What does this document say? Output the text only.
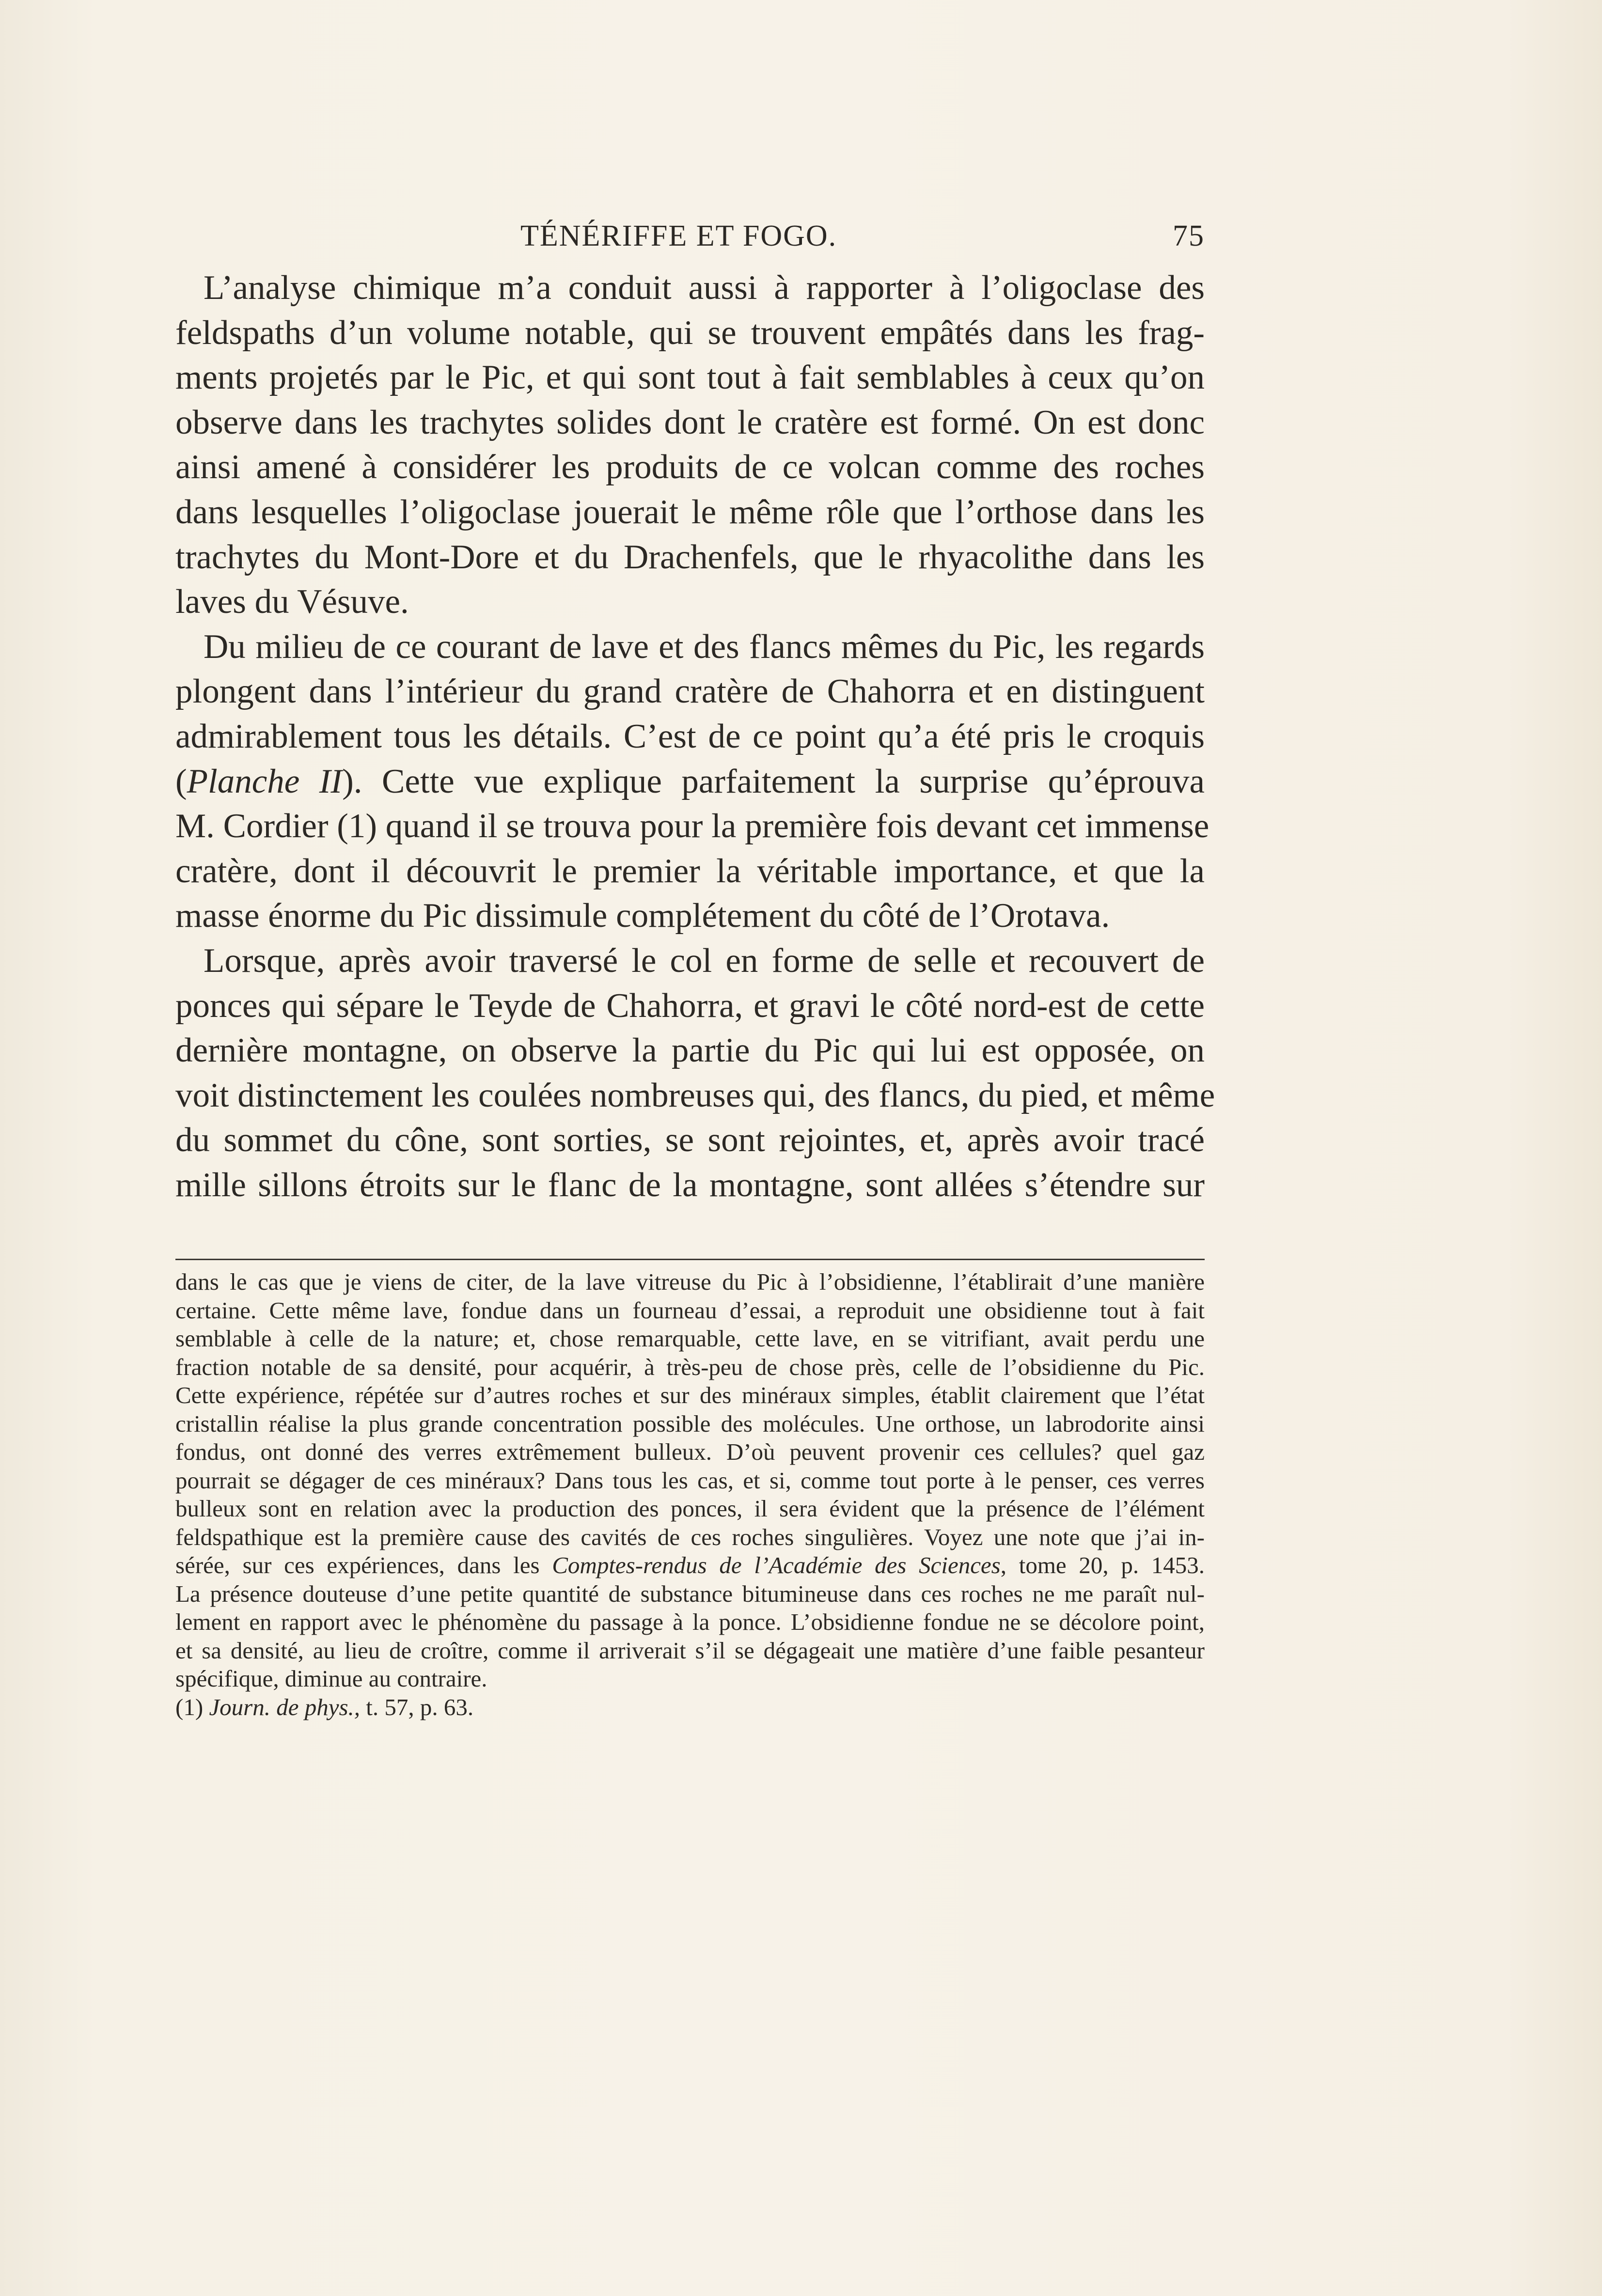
TÉNÉRIFFE ET FOGO.	75
L’analyse chimique m’a conduit aussi à rapporter à l’oligoclase des
feldspaths d’un volume notable, qui se trouvent empâtés dans les frag-
ments projetés par le Pic, et qui sont tout à fait semblables à ceux qu’on
observe dans les trachytes solides dont le cratère est formé. On est donc
ainsi amené à considérer les produits de ce volcan comme des roches
dans lesquelles l’oligoclase jouerait le même rôle que l’orthose dans les
trachytes du Mont-Dore et du Drachenfels, que le rhyacolithe dans les
laves du Vésuve.
Du milieu de ce courant de lave et des flancs mêmes du Pic, les regards
plongent dans l’intérieur du grand cratère de Chahorra et en distinguent
admirablement tous les détails. C’est de ce point qu’a été pris le croquis
(Planche II). Cette vue explique parfaitement la surprise qu’éprouva
M. Cordier (1) quand il se trouva pour la première fois devant cet immense
cratère, dont il découvrit le premier la véritable importance, et que la
masse énorme du Pic dissimule complétement du côté de l’Orotava.
Lorsque, après avoir traversé le col en forme de selle et recouvert de
ponces qui sépare le Teyde de Chahorra, et gravi le côté nord-est de cette
dernière montagne, on observe la partie du Pic qui lui est opposée, on
voit distinctement les coulées nombreuses qui, des flancs, du pied, et même
du sommet du cône, sont sorties, se sont rejointes, et, après avoir tracé
mille sillons étroits sur le flanc de la montagne, sont allées s’étendre sur
dans le cas que je viens de citer, de la lave vitreuse du Pic à l’obsidienne, l’établirait d’une manière
certaine. Cette même lave, fondue dans un fourneau d’essai, a reproduit une obsidienne tout à fait
semblable à celle de la nature; et, chose remarquable, cette lave, en se vitrifiant, avait perdu une
fraction notable de sa densité, pour acquérir, à très-peu de chose près, celle de l’obsidienne du Pic.
Cette expérience, répétée sur d’autres roches et sur des minéraux simples, établit clairement que l’état
cristallin réalise la plus grande concentration possible des molécules. Une orthose, un labrodorite ainsi
fondus, ont donné des verres extrêmement bulleux. D’où peuvent provenir ces cellules? quel gaz
pourrait se dégager de ces minéraux? Dans tous les cas, et si, comme tout porte à le penser, ces verres
bulleux sont en relation avec la production des ponces, il sera évident que la présence de l’élément
feldspathique est la première cause des cavités de ces roches singulières. Voyez une note que j’ai in-
sérée, sur ces expériences, dans les Comptes-rendus de l’Académie des Sciences, tome 20, p. 1453.
La présence douteuse d’une petite quantité de substance bitumineuse dans ces roches ne me paraît nul-
lement en rapport avec le phénomène du passage à la ponce. L’obsidienne fondue ne se décolore point,
et sa densité, au lieu de croître, comme il arriverait s’il se dégageait une matière d’une faible pesanteur
spécifique, diminue au contraire.
(1) Journ. de phys., t. 57, p. 63.
